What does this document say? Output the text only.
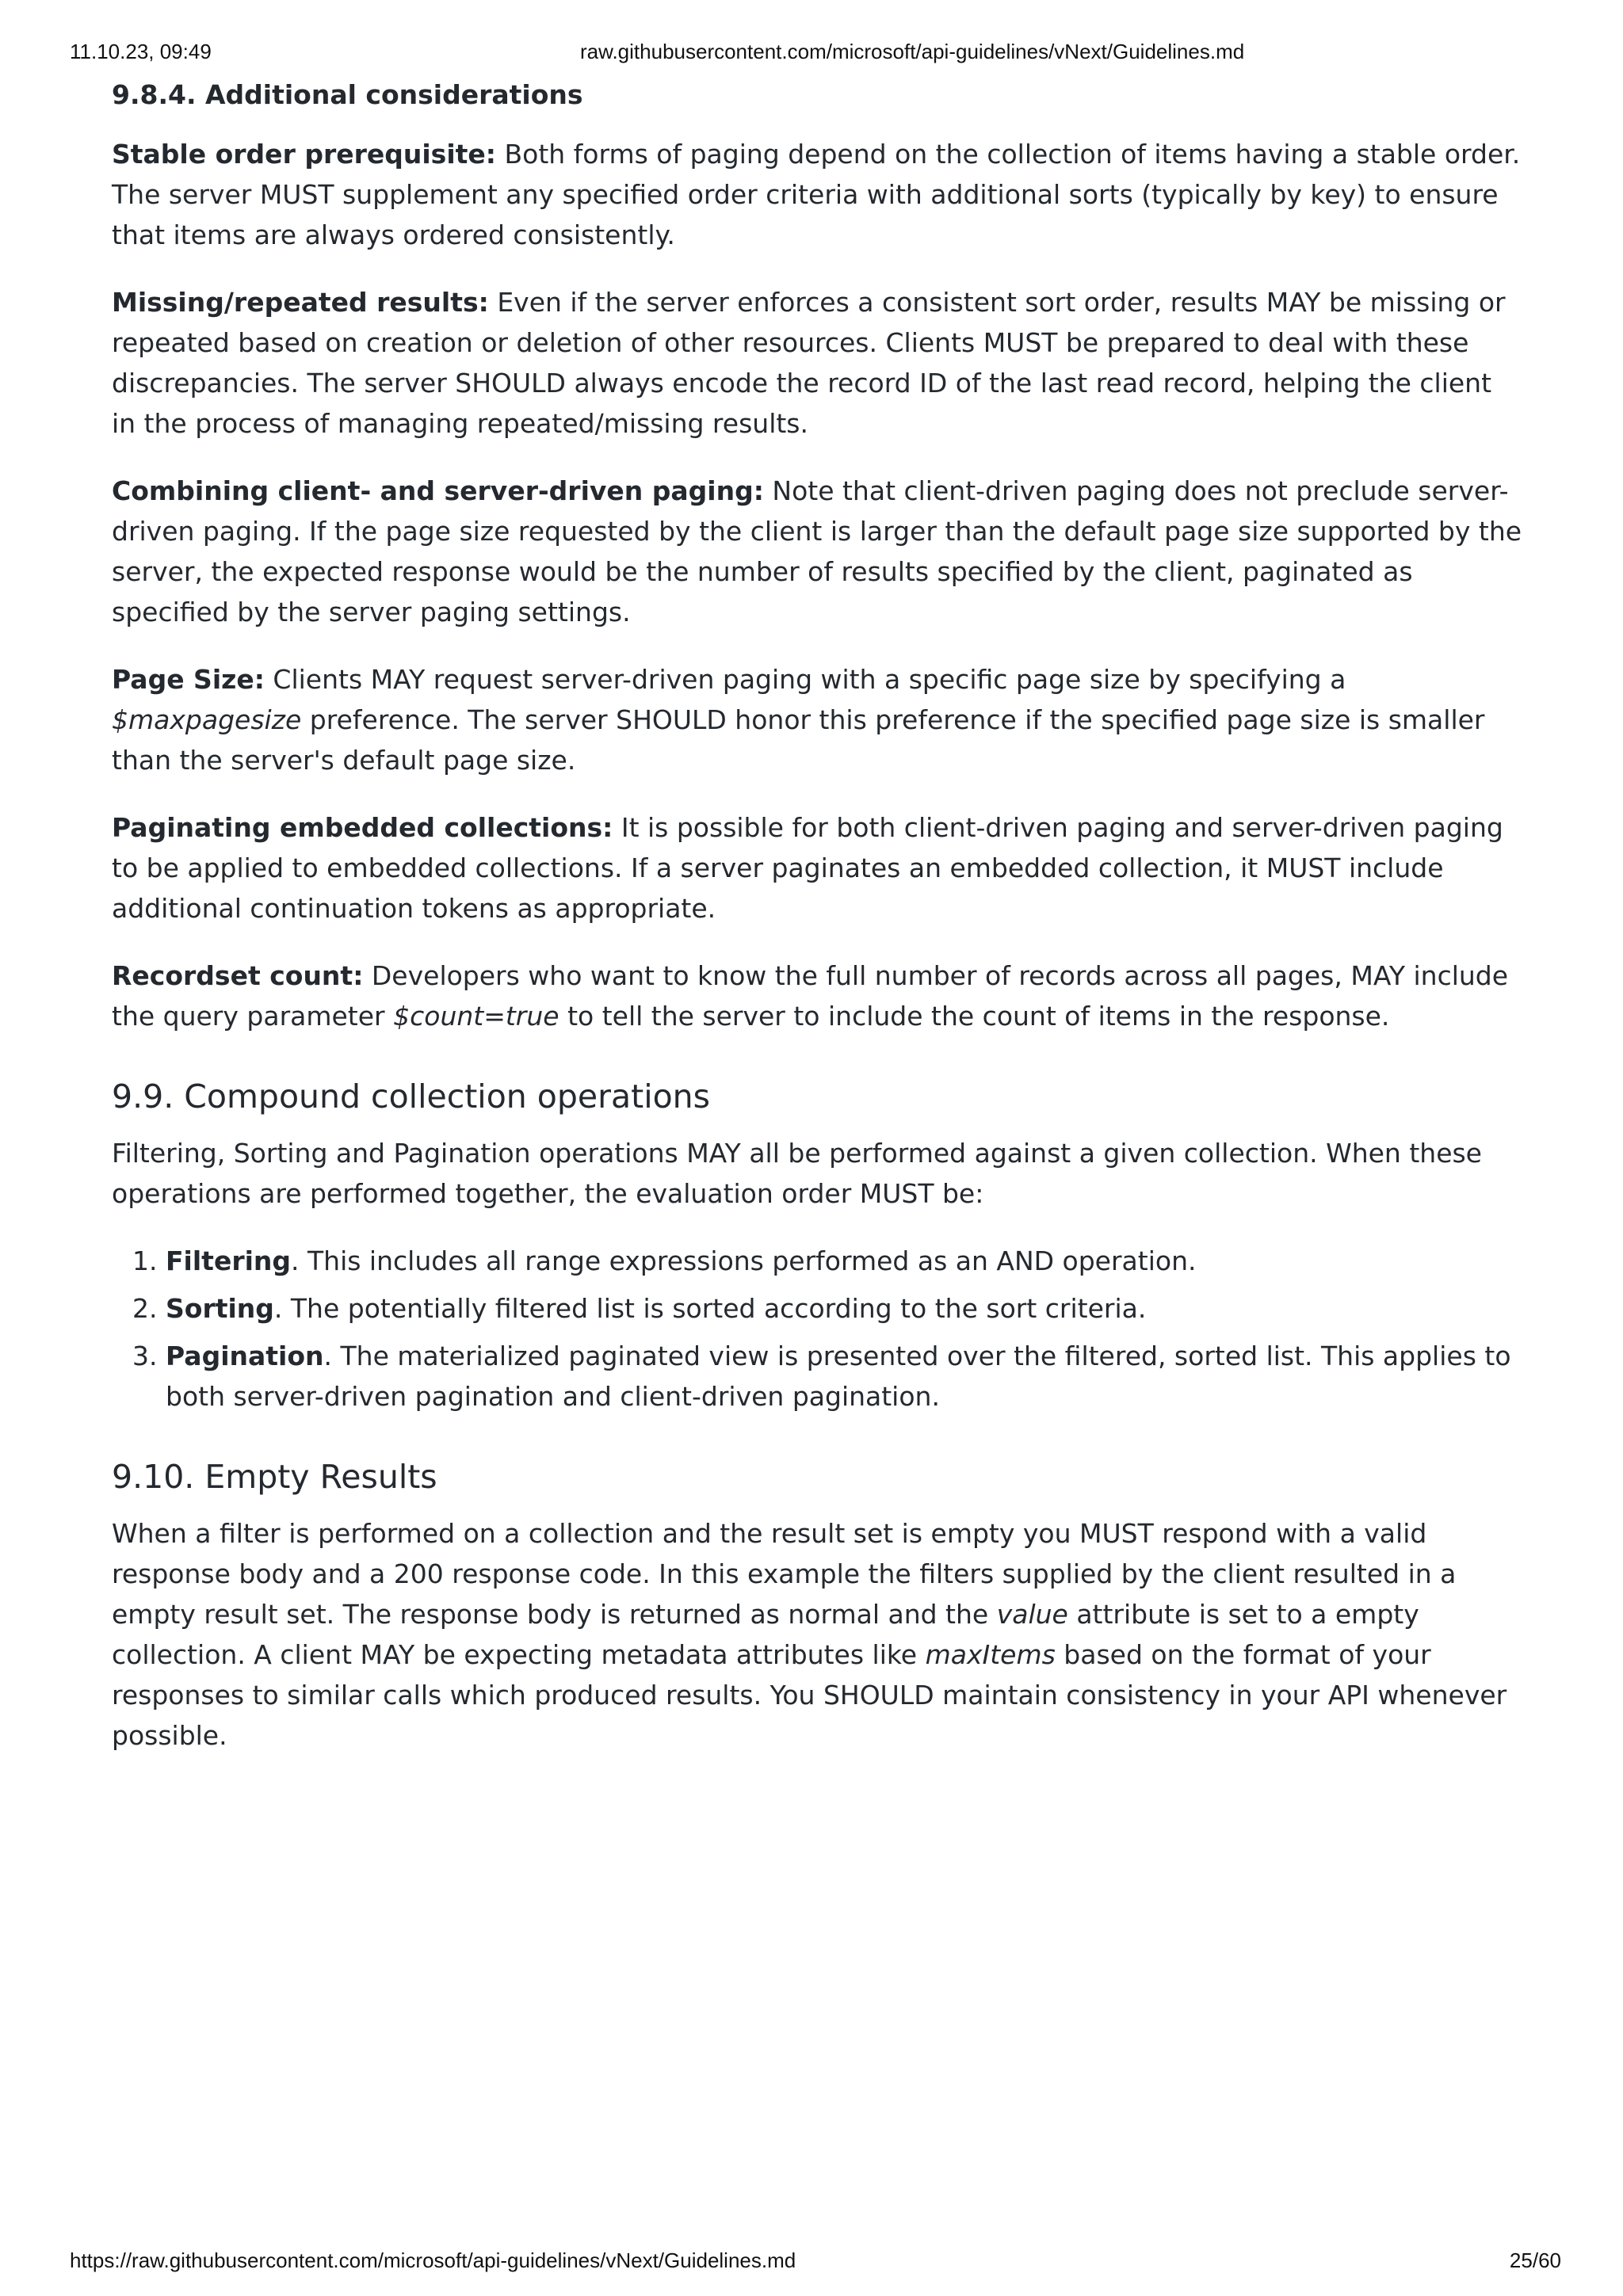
11.10.23, 09:49	raw.githubusercontent.com/microsoft/api-guidelines/vNext/Guidelines.md
9.8.4. Additional considerations

Stable order prerequisite: Both forms of paging depend on the collection of items having a stable order. The server MUST supplement any specified order criteria with additional sorts (typically by key) to ensure that items are always ordered consistently.

Missing/repeated results: Even if the server enforces a consistent sort order, results MAY be missing or repeated based on creation or deletion of other resources. Clients MUST be prepared to deal with these discrepancies. The server SHOULD always encode the record ID of the last read record, helping the client in the process of managing repeated/missing results.

Combining client- and server-driven paging: Note that client-driven paging does not preclude server-driven paging. If the page size requested by the client is larger than the default page size supported by the server, the expected response would be the number of results specified by the client, paginated as specified by the server paging settings.

Page Size: Clients MAY request server-driven paging with a specific page size by specifying a $maxpagesize preference. The server SHOULD honor this preference if the specified page size is smaller than the server's default page size.

Paginating embedded collections: It is possible for both client-driven paging and server-driven paging to be applied to embedded collections. If a server paginates an embedded collection, it MUST include additional continuation tokens as appropriate.

Recordset count: Developers who want to know the full number of records across all pages, MAY include the query parameter $count=true to tell the server to include the count of items in the response.

9.9. Compound collection operations

Filtering, Sorting and Pagination operations MAY all be performed against a given collection. When these operations are performed together, the evaluation order MUST be:

1. Filtering. This includes all range expressions performed as an AND operation.
2. Sorting. The potentially filtered list is sorted according to the sort criteria.
3. Pagination. The materialized paginated view is presented over the filtered, sorted list. This applies to both server-driven pagination and client-driven pagination.
9.10. Empty Results

When a filter is performed on a collection and the result set is empty you MUST respond with a valid response body and a 200 response code. In this example the filters supplied by the client resulted in a empty result set. The response body is returned as normal and the value attribute is set to a empty collection. A client MAY be expecting metadata attributes like maxItems based on the format of your responses to similar calls which produced results. You SHOULD maintain consistency in your API whenever possible.

https://raw.githubusercontent.com/microsoft/api-guidelines/vNext/Guidelines.md	25/60
